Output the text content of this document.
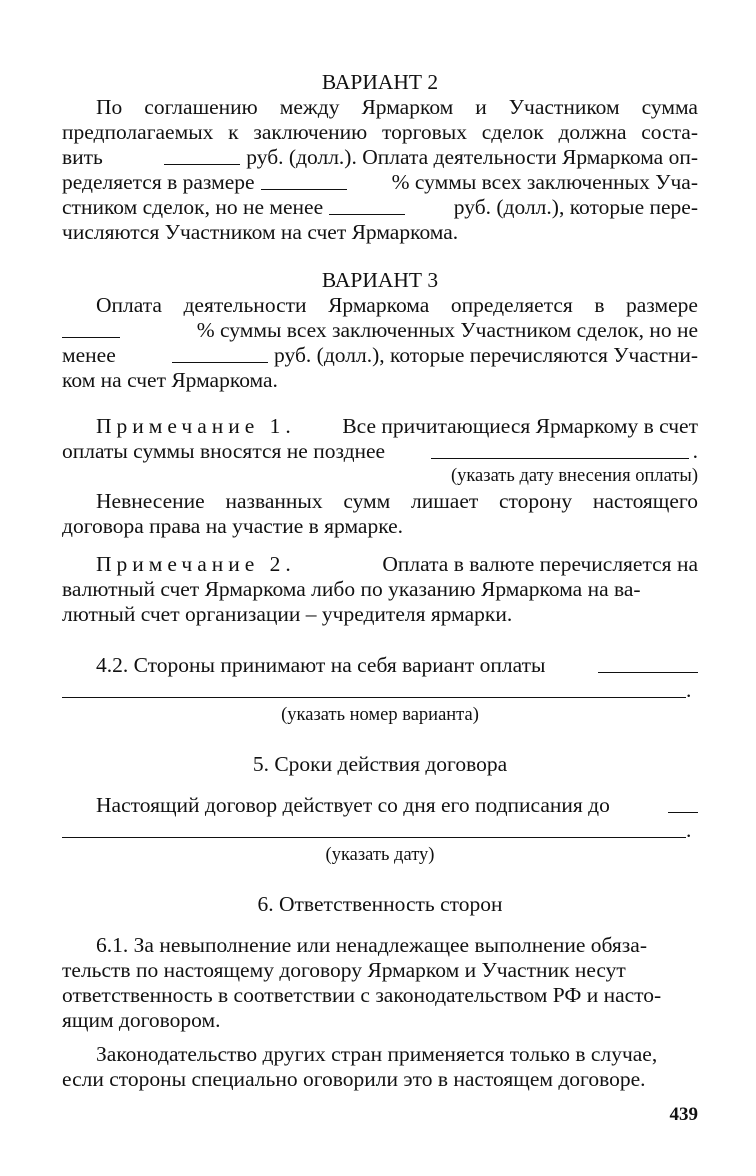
ВАРИАНТ 2
По соглашению между Ярмарком и Участником сумма
предполагаемых к заключению торговых сделок должна соста-
вить	руб. (долл.). Оплата деятельности Ярмаркома оп-
ределяется в размере	% суммы всех заключенных Уча-
стником сделок, но не менее	руб. (долл.), которые пере-
числяются Участником на счет Ярмаркома.
ВАРИАНТ 3
Оплата деятельности Ярмаркома определяется в размере
% суммы всех заключенных Участником сделок, но не
менее	руб. (долл.), которые перечисляются Участни-
ком на счет Ярмаркома.
Примечание 1. Все причитающиеся Ярмаркому в счет
оплаты суммы вносятся не позднее	.
(указать дату внесения оплаты)
Невнесение названных сумм лишает сторону настоящего
договора права на участие в ярмарке.
Примечание 2.	Оплата в валюте перечисляется на
валютный счет Ярмаркома либо по указанию Ярмаркома на ва-
лютный счет организации – учредителя ярмарки.
4.2. Стороны принимают на себя вариант оплаты
.
(указать номер варианта)
5. Сроки действия договора
Настоящий договор действует со дня его подписания до
.
(указать дату)
6. Ответственность сторон
6.1. За невыполнение или ненадлежащее выполнение обяза-
тельств по настоящему договору Ярмарком и Участник несут
ответственность в соответствии с законодательством РФ и насто-
ящим договором.
Законодательство других стран применяется только в случае,
если стороны специально оговорили это в настоящем договоре.
439
